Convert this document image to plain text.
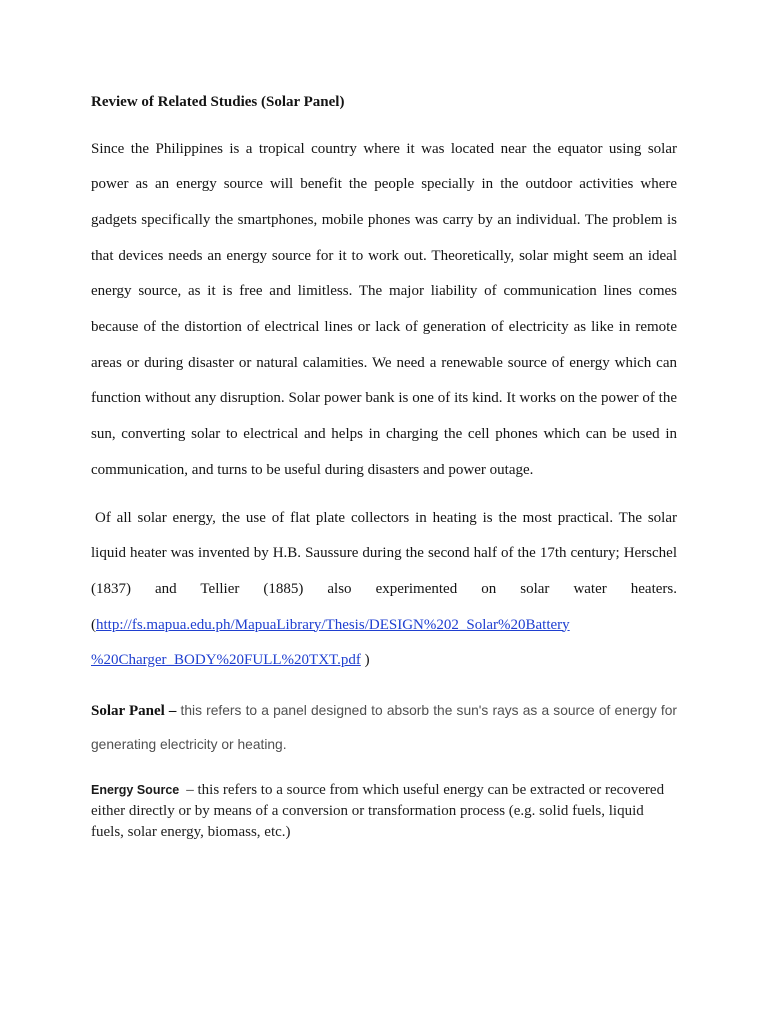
Review of Related Studies (Solar Panel)
Since the Philippines is a tropical country where it was located near the equator using solar
power as an energy source will benefit the people specially in the outdoor activities where
gadgets specifically the smartphones, mobile phones was carry by an individual. The problem is
that devices needs an energy source for it to work out. Theoretically, solar might seem an ideal
energy source, as it is free and limitless. The major liability of communication lines comes
because of the distortion of electrical lines or lack of generation of electricity as like in remote
areas or during disaster or natural calamities. We need a renewable source of energy which can
function without any disruption. Solar power bank is one of its kind. It works on the power of the
sun, converting solar to electrical and helps in charging the cell phones which can be used in
communication, and turns to be useful during disasters and power outage.
Of all solar energy, the use of flat plate collectors in heating is the most practical. The solar
liquid heater was invented by H.B. Saussure during the second half of the 17th century; Herschel
(1837) and Tellier (1885) also experimented on solar water heaters.
(http://fs.mapua.edu.ph/MapuaLibrary/Thesis/DESIGN%202_Solar%20Battery
%20Charger_BODY%20FULL%20TXT.pdf )
Solar Panel – this refers to a panel designed to absorb the sun's rays as a source of energy for
generating electricity or heating.
Energy Source – this refers to a source from which useful energy can be extracted or recovered
either directly or by means of a conversion or transformation process (e.g. solid fuels, liquid
fuels, solar energy, biomass, etc.)
